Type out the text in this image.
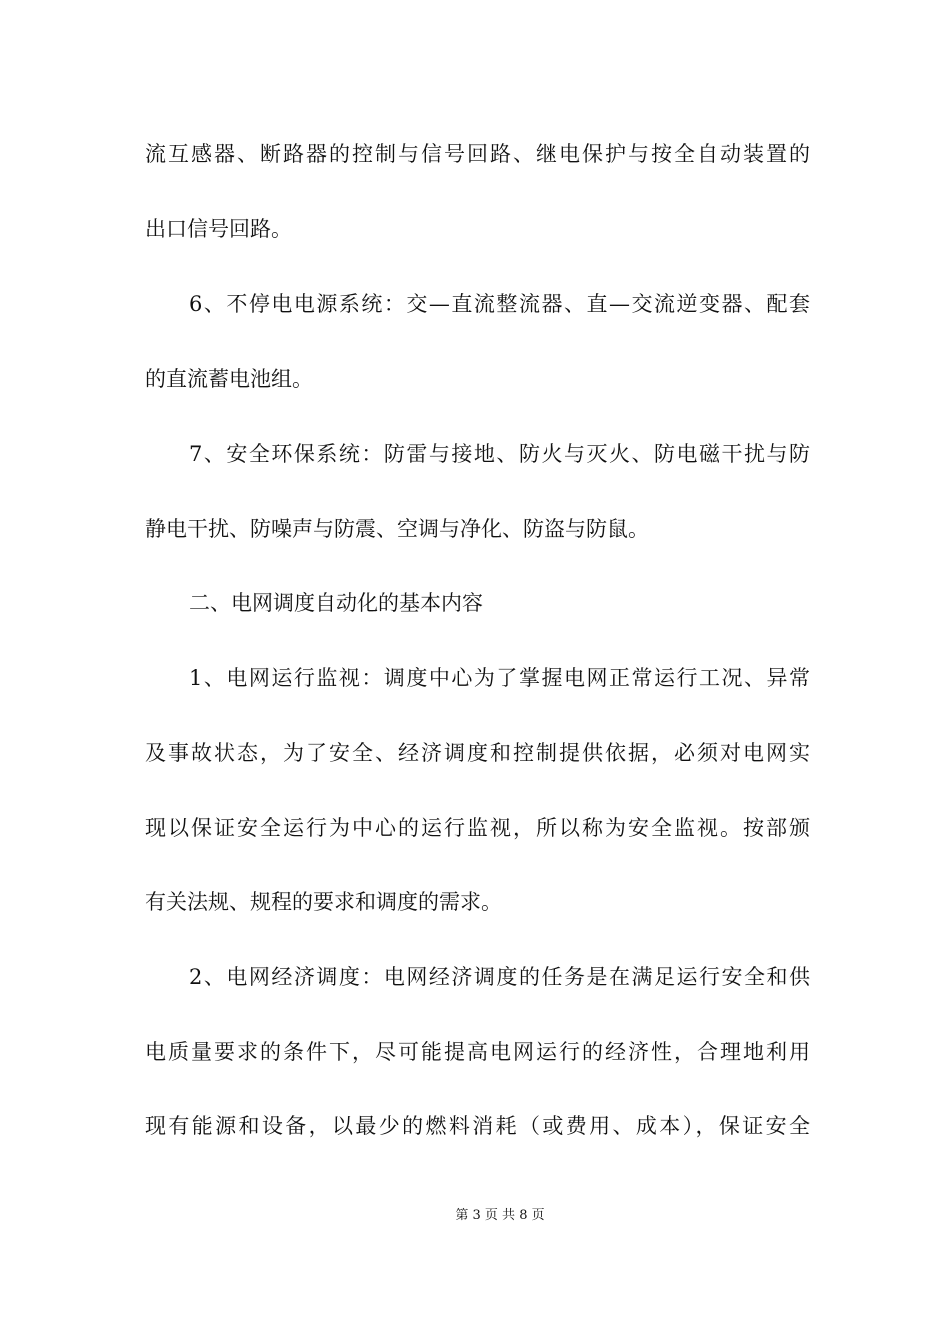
流互感器、断路器的控制与信号回路、继电保护与按全自动装置的
出口信号回路。
6、不停电电源系统：交—直流整流器、直—交流逆变器、配套
的直流蓄电池组。
7、安全环保系统：防雷与接地、防火与灭火、防电磁干扰与防
静电干扰、防噪声与防震、空调与净化、防盗与防鼠。
二、电网调度自动化的基本内容
1、电网运行监视：调度中心为了掌握电网正常运行工况、异常
及事故状态，为了安全、经济调度和控制提供依据，必须对电网实
现以保证安全运行为中心的运行监视，所以称为安全监视。按部颁
有关法规、规程的要求和调度的需求。
2、电网经济调度：电网经济调度的任务是在满足运行安全和供
电质量要求的条件下，尽可能提高电网运行的经济性，合理地利用
现有能源和设备，以最少的燃料消耗（或费用、成本），保证安全
第 3 页 共 8 页
